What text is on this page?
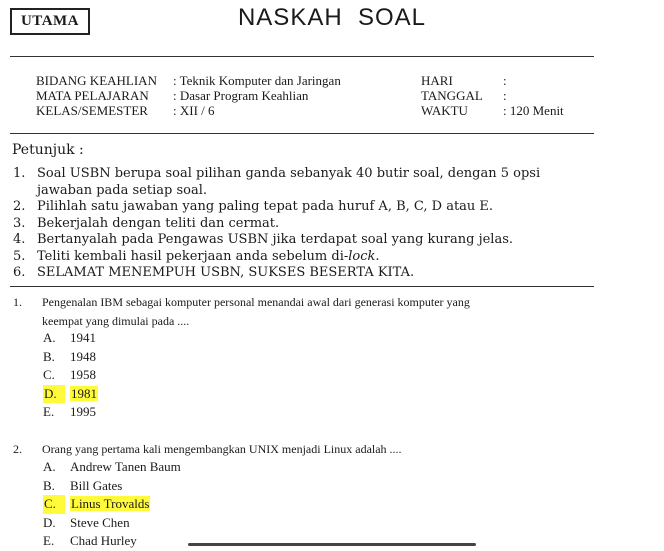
UTAMA	NASKAH  SOAL
BIDANG KEAHLIAN
MATA PELAJARAN
KELAS/SEMESTER
: Teknik Komputer dan Jaringan
: Dasar Program Keahlian
: XII / 6
HARI
TANGGAL
WAKTU
:
:
: 120 Menit
Petunjuk :
1. Soal USBN berupa soal pilihan ganda sebanyak 40 butir soal, dengan 5 opsi
jawaban pada setiap soal.
2. Pilihlah satu jawaban yang paling tepat pada huruf A, B, C, D atau E.
3. Bekerjalah dengan teliti dan cermat.
4. Bertanyalah pada Pengawas USBN jika terdapat soal yang kurang jelas.
5. Teliti kembali hasil pekerjaan anda sebelum di-lock.
6. SELAMAT MENEMPUH USBN, SUKSES BESERTA KITA.
1. Pengenalan IBM sebagai komputer personal menandai awal dari generasi komputer yang
keempat yang dimulai pada ....
A. 1941
B. 1948
C. 1958
D. 1981
E. 1995
2. Orang yang pertama kali mengembangkan UNIX menjadi Linux adalah ....
A. Andrew Tanen Baum
B. Bill Gates
C. Linus Trovalds
D. Steve Chen
E. Chad Hurley
